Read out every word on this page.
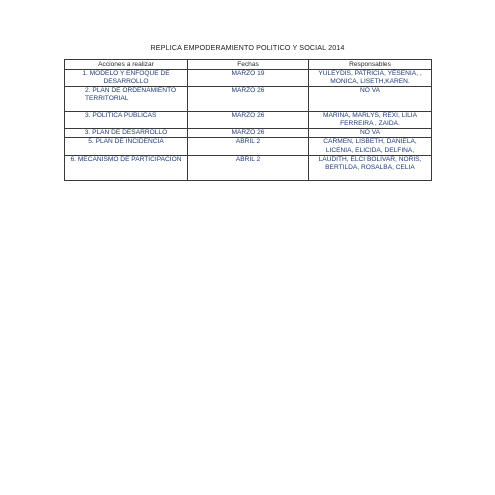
REPLICA EMPODERAMIENTO POLITICO Y SOCIAL 2014
Acciones a realizar	Fechas	Responsables
1. MODELO Y ENFOQUE DE DESARROLLO	MARZO 19	YULEYDIS, PATRICIA, YESENIA, , MONICA, LISETH,KAREN.
2. PLAN DE ORDENAMIENTO TERRITORIAL	MARZO 26	NO VA
3. POLITICA PUBLICAS	MARZO 26	MARINA, MARLYS, REXI, LILIA FERREIRA , ZAIDA.
3. PLAN DE DESARROLLO	MARZO 26	NO VA
5. PLAN DE INCIDENCIA	ABRIL 2	CARMEN, LISBETH, DANIELA, LICENIA, ELICIDA, DELFINA,
6. MECANISMO DE PARTICIPACION	ABRIL 2	LAUDITH, ELCI BOLIVAR, NORIS, BERTILDA, ROSALBA, CELIA
